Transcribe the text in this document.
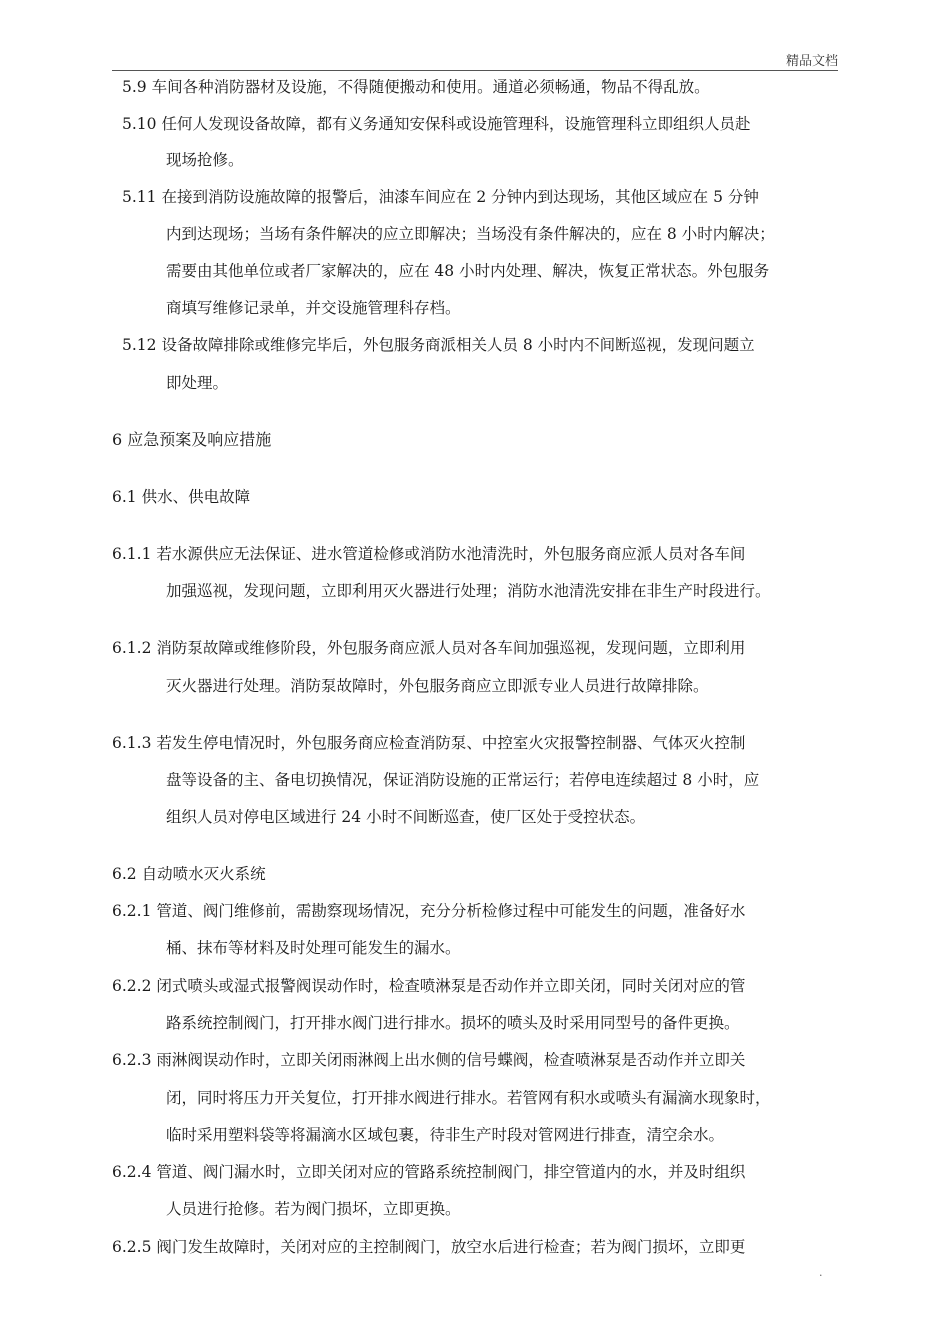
精品文档
5.9 车间各种消防器材及设施，不得随便搬动和使用。通道必须畅通，物品不得乱放。
5.10 任何人发现设备故障，都有义务通知安保科或设施管理科，设施管理科立即组织人员赴
现场抢修。
5.11 在接到消防设施故障的报警后，油漆车间应在 2 分钟内到达现场，其他区域应在 5 分钟
内到达现场；当场有条件解决的应立即解决；当场没有条件解决的，应在 8 小时内解决；
需要由其他单位或者厂家解决的，应在 48 小时内处理、解决，恢复正常状态。外包服务
商填写维修记录单，并交设施管理科存档。
5.12 设备故障排除或维修完毕后，外包服务商派相关人员 8 小时内不间断巡视，发现问题立
即处理。
6 应急预案及响应措施
6.1 供水、供电故障
6.1.1 若水源供应无法保证、进水管道检修或消防水池清洗时，外包服务商应派人员对各车间
加强巡视，发现问题，立即利用灭火器进行处理；消防水池清洗安排在非生产时段进行。
6.1.2 消防泵故障或维修阶段，外包服务商应派人员对各车间加强巡视，发现问题，立即利用
灭火器进行处理。消防泵故障时，外包服务商应立即派专业人员进行故障排除。
6.1.3 若发生停电情况时，外包服务商应检查消防泵、中控室火灾报警控制器、气体灭火控制
盘等设备的主、备电切换情况，保证消防设施的正常运行；若停电连续超过 8 小时，应
组织人员对停电区域进行 24 小时不间断巡查，使厂区处于受控状态。
6.2 自动喷水灭火系统
6.2.1 管道、阀门维修前，需勘察现场情况，充分分析检修过程中可能发生的问题，准备好水
桶、抹布等材料及时处理可能发生的漏水。
6.2.2 闭式喷头或湿式报警阀误动作时，检查喷淋泵是否动作并立即关闭，同时关闭对应的管
路系统控制阀门，打开排水阀门进行排水。损坏的喷头及时采用同型号的备件更换。
6.2.3 雨淋阀误动作时，立即关闭雨淋阀上出水侧的信号蝶阀，检查喷淋泵是否动作并立即关
闭，同时将压力开关复位，打开排水阀进行排水。若管网有积水或喷头有漏滴水现象时，
临时采用塑料袋等将漏滴水区域包裹，待非生产时段对管网进行排查，清空余水。
6.2.4 管道、阀门漏水时，立即关闭对应的管路系统控制阀门，排空管道内的水，并及时组织
人员进行抢修。若为阀门损坏，立即更换。
6.2.5 阀门发生故障时，关闭对应的主控制阀门，放空水后进行检查；若为阀门损坏，立即更
.
